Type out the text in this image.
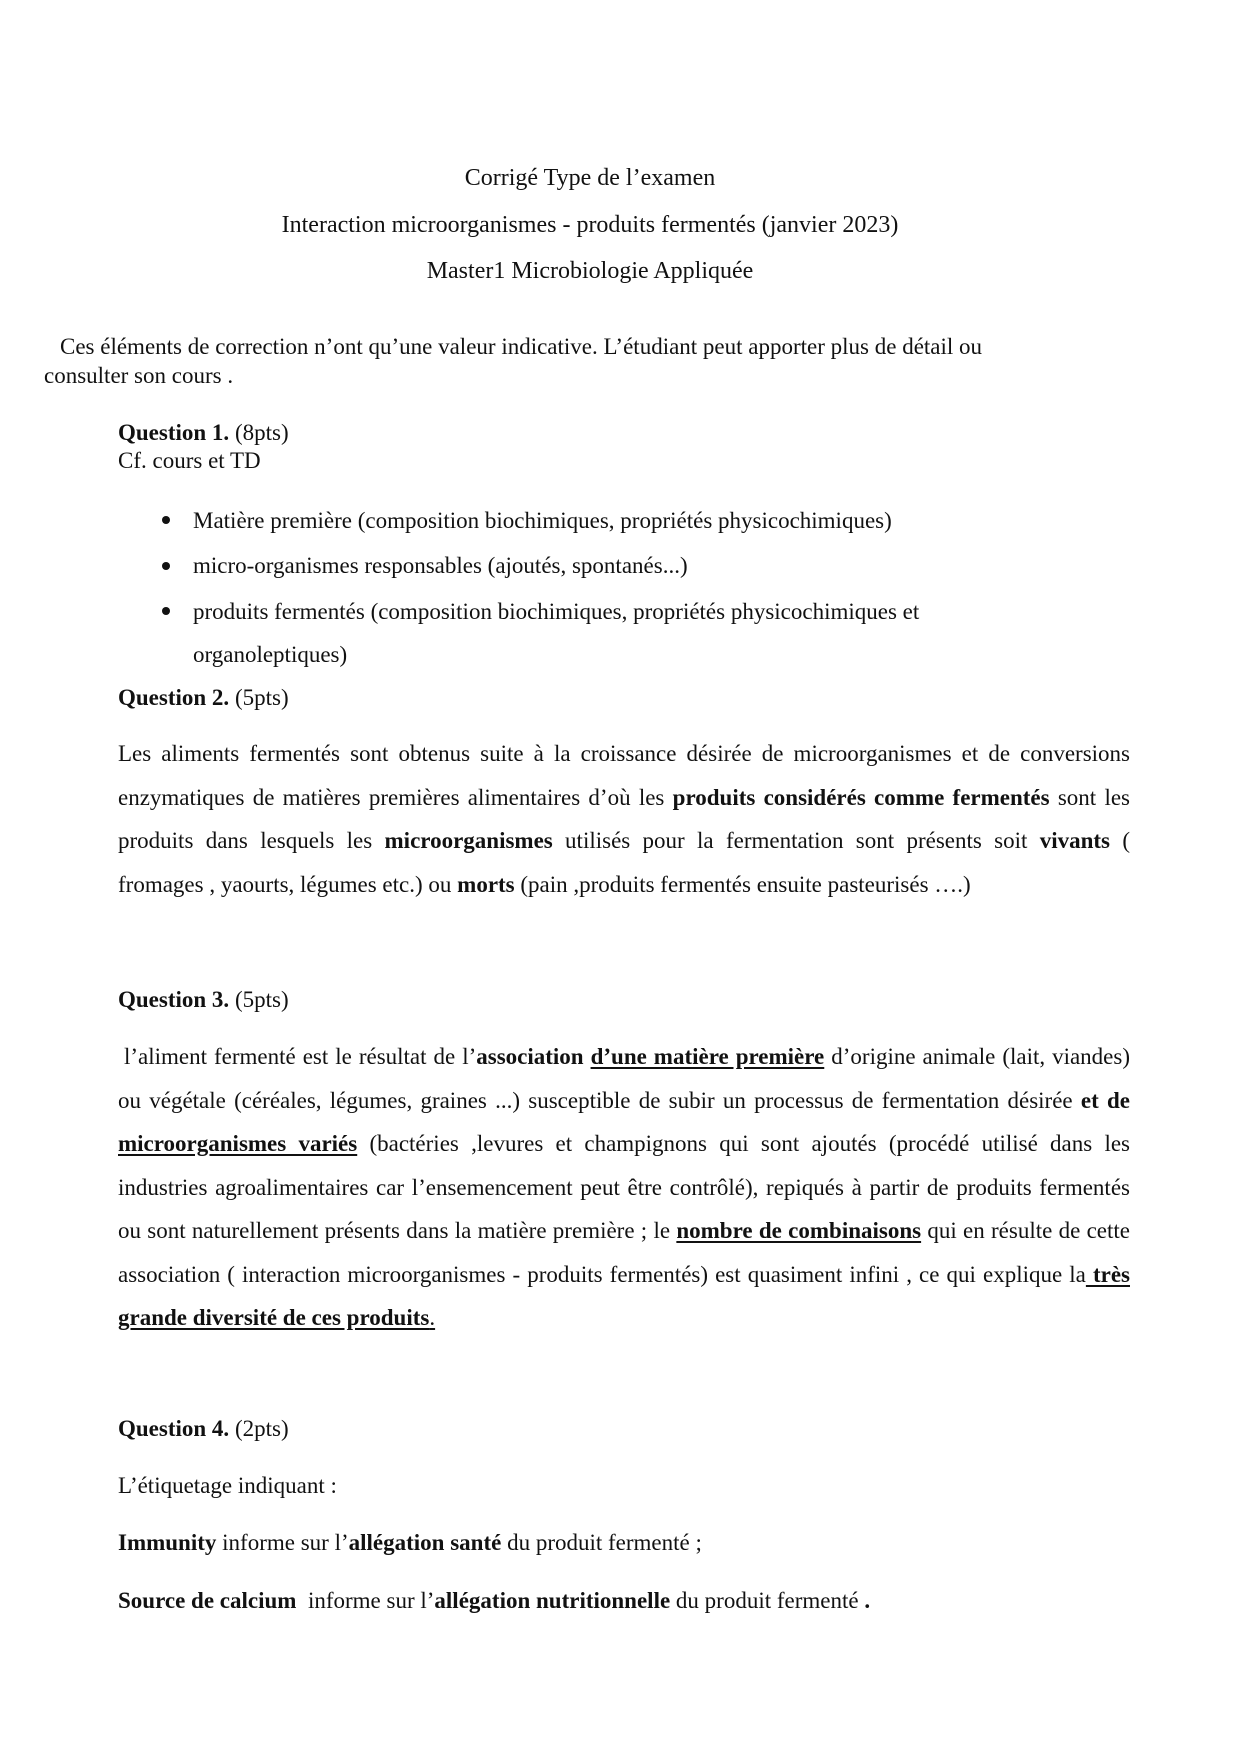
Corrigé Type de l’examen
Interaction microorganismes - produits fermentés (janvier 2023)
Master1 Microbiologie Appliquée
Ces éléments de correction n’ont qu’une valeur indicative. L’étudiant peut apporter plus de détail ou
consulter son cours .
Question 1. (8pts)
Cf. cours et TD
Matière première (composition biochimiques, propriétés physicochimiques)
micro-organismes responsables (ajoutés, spontanés...)
produits fermentés (composition biochimiques, propriétés physicochimiques et
organoleptiques)
Question 2. (5pts)
Les aliments fermentés sont obtenus suite à la croissance désirée de microorganismes et de conversions enzymatiques de matières premières alimentaires d’où les produits considérés comme fermentés sont les produits dans lesquels les microorganismes utilisés pour la fermentation sont présents soit vivants ( fromages , yaourts, légumes etc.) ou morts (pain ,produits fermentés ensuite pasteurisés ….)
Question 3. (5pts)
l’aliment fermenté est le résultat de l’association d’une matière première d’origine animale (lait, viandes) ou végétale (céréales, légumes, graines ...) susceptible de subir un processus de fermentation désirée et de microorganismes variés (bactéries ,levures et champignons qui sont ajoutés (procédé utilisé dans les industries agroalimentaires car l’ensemencement peut être contrôlé), repiqués à partir de produits fermentés ou sont naturellement présents dans la matière première ; le nombre de combinaisons qui en résulte de cette association ( interaction microorganismes - produits fermentés) est quasiment infini , ce qui explique la très grande diversité de ces produits.
Question 4. (2pts)
L’étiquetage indiquant :
Immunity informe sur l’allégation santé du produit fermenté ;
Source de calcium  informe sur l’allégation nutritionnelle du produit fermenté .
